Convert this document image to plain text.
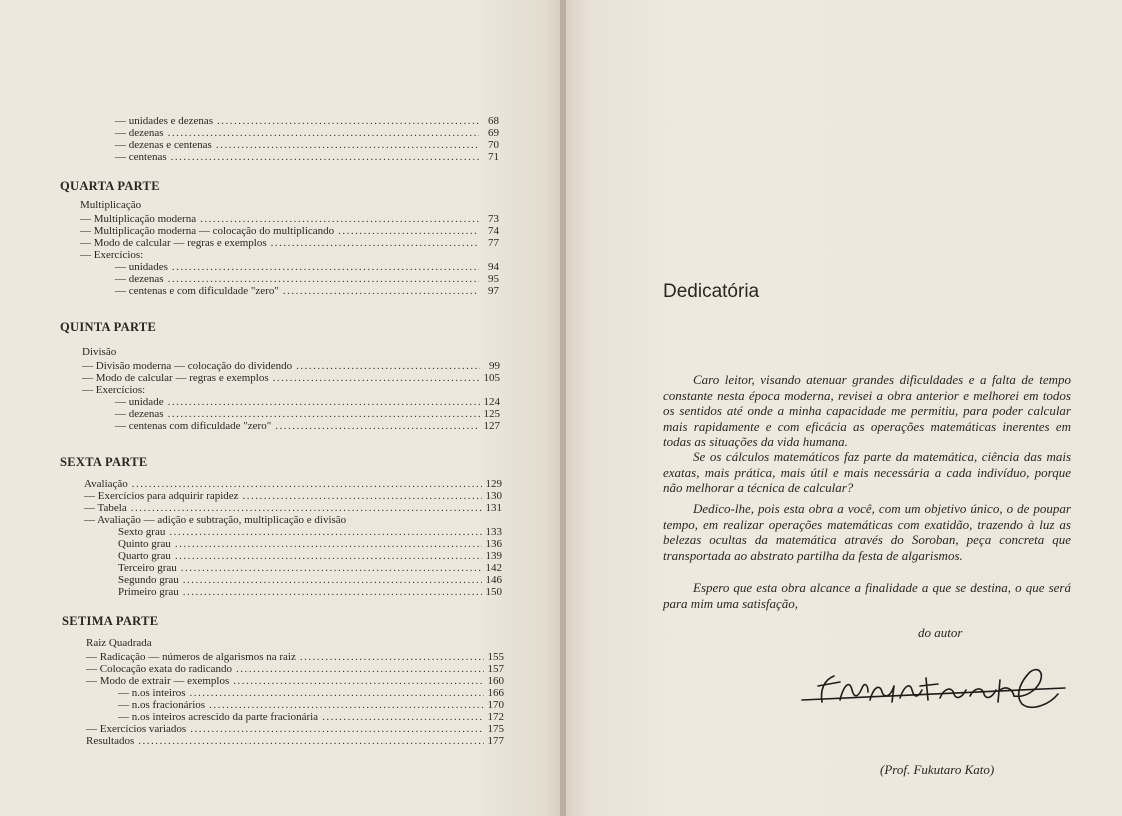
— unidades e dezenas .....	68
— dezenas .....	69
— dezenas e centenas .....	70
— centenas .....	71
QUARTA PARTE
Multiplicação
— Multiplicação moderna .....	73
— Multiplicação moderna — colocação do multiplicando .....	74
— Modo de calcular — regras e exemplos .....	77
— Exercícios:
— unidades .....	94
— dezenas .....	95
— centenas e com dificuldade "zero" .....	97
QUINTA PARTE
Divisão
— Divisão moderna — colocação do dividendo .....	99
— Modo de calcular — regras e exemplos .....	105
— Exercícios:
— unidade .....	124
— dezenas .....	125
— centenas com dificuldade "zero" .....	127
SEXTA PARTE
Avaliação .....	129
— Exercícios para adquirir rapidez .....	130
— Tabela .....	131
— Avaliação — adição e subtração, multiplicação e divisão
Sexto grau .....	133
Quinto grau .....	136
Quarto grau .....	139
Terceiro grau .....	142
Segundo grau .....	146
Primeiro grau .....	150
SETIMA PARTE
Raiz Quadrada
— Radicação — números de algarismos na raiz .....	155
— Colocação exata do radicando .....	157
— Modo de extrair — exemplos .....	160
— n.os inteiros .....	166
— n.os fracionários .....	170
— n.os inteiros acrescido da parte fracionária .....	172
— Exercícios variados .....	175
Resultados .....	177
Dedicatória

Caro leitor, visando atenuar grandes dificuldades e a falta de tempo constante nesta época moderna, revisei a obra anterior e melhorei em todos os sentidos até onde a minha capacidade me permitiu, para poder calcular mais rapidamente e com eficácia as operações matemáticas inerentes em todas as situações da vida humana.

Se os cálculos matemáticos faz parte da matemática, ciência das mais exatas, mais prática, mais útil e mais necessária a cada indivíduo, porque não melhorar a técnica de calcular?

Dedico-lhe, pois esta obra a você, com um objetivo único, o de poupar tempo, em realizar operações matemáticas com exatidão, trazendo à luz as belezas ocultas da matemática através do Soroban, peça concreta que transportada ao abstrato partilha da festa de algarismos.

Espero que esta obra alcance a finalidade a que se destina, o que será para mim uma satisfação,

do autor
(Prof. Fukutaro Kato)
